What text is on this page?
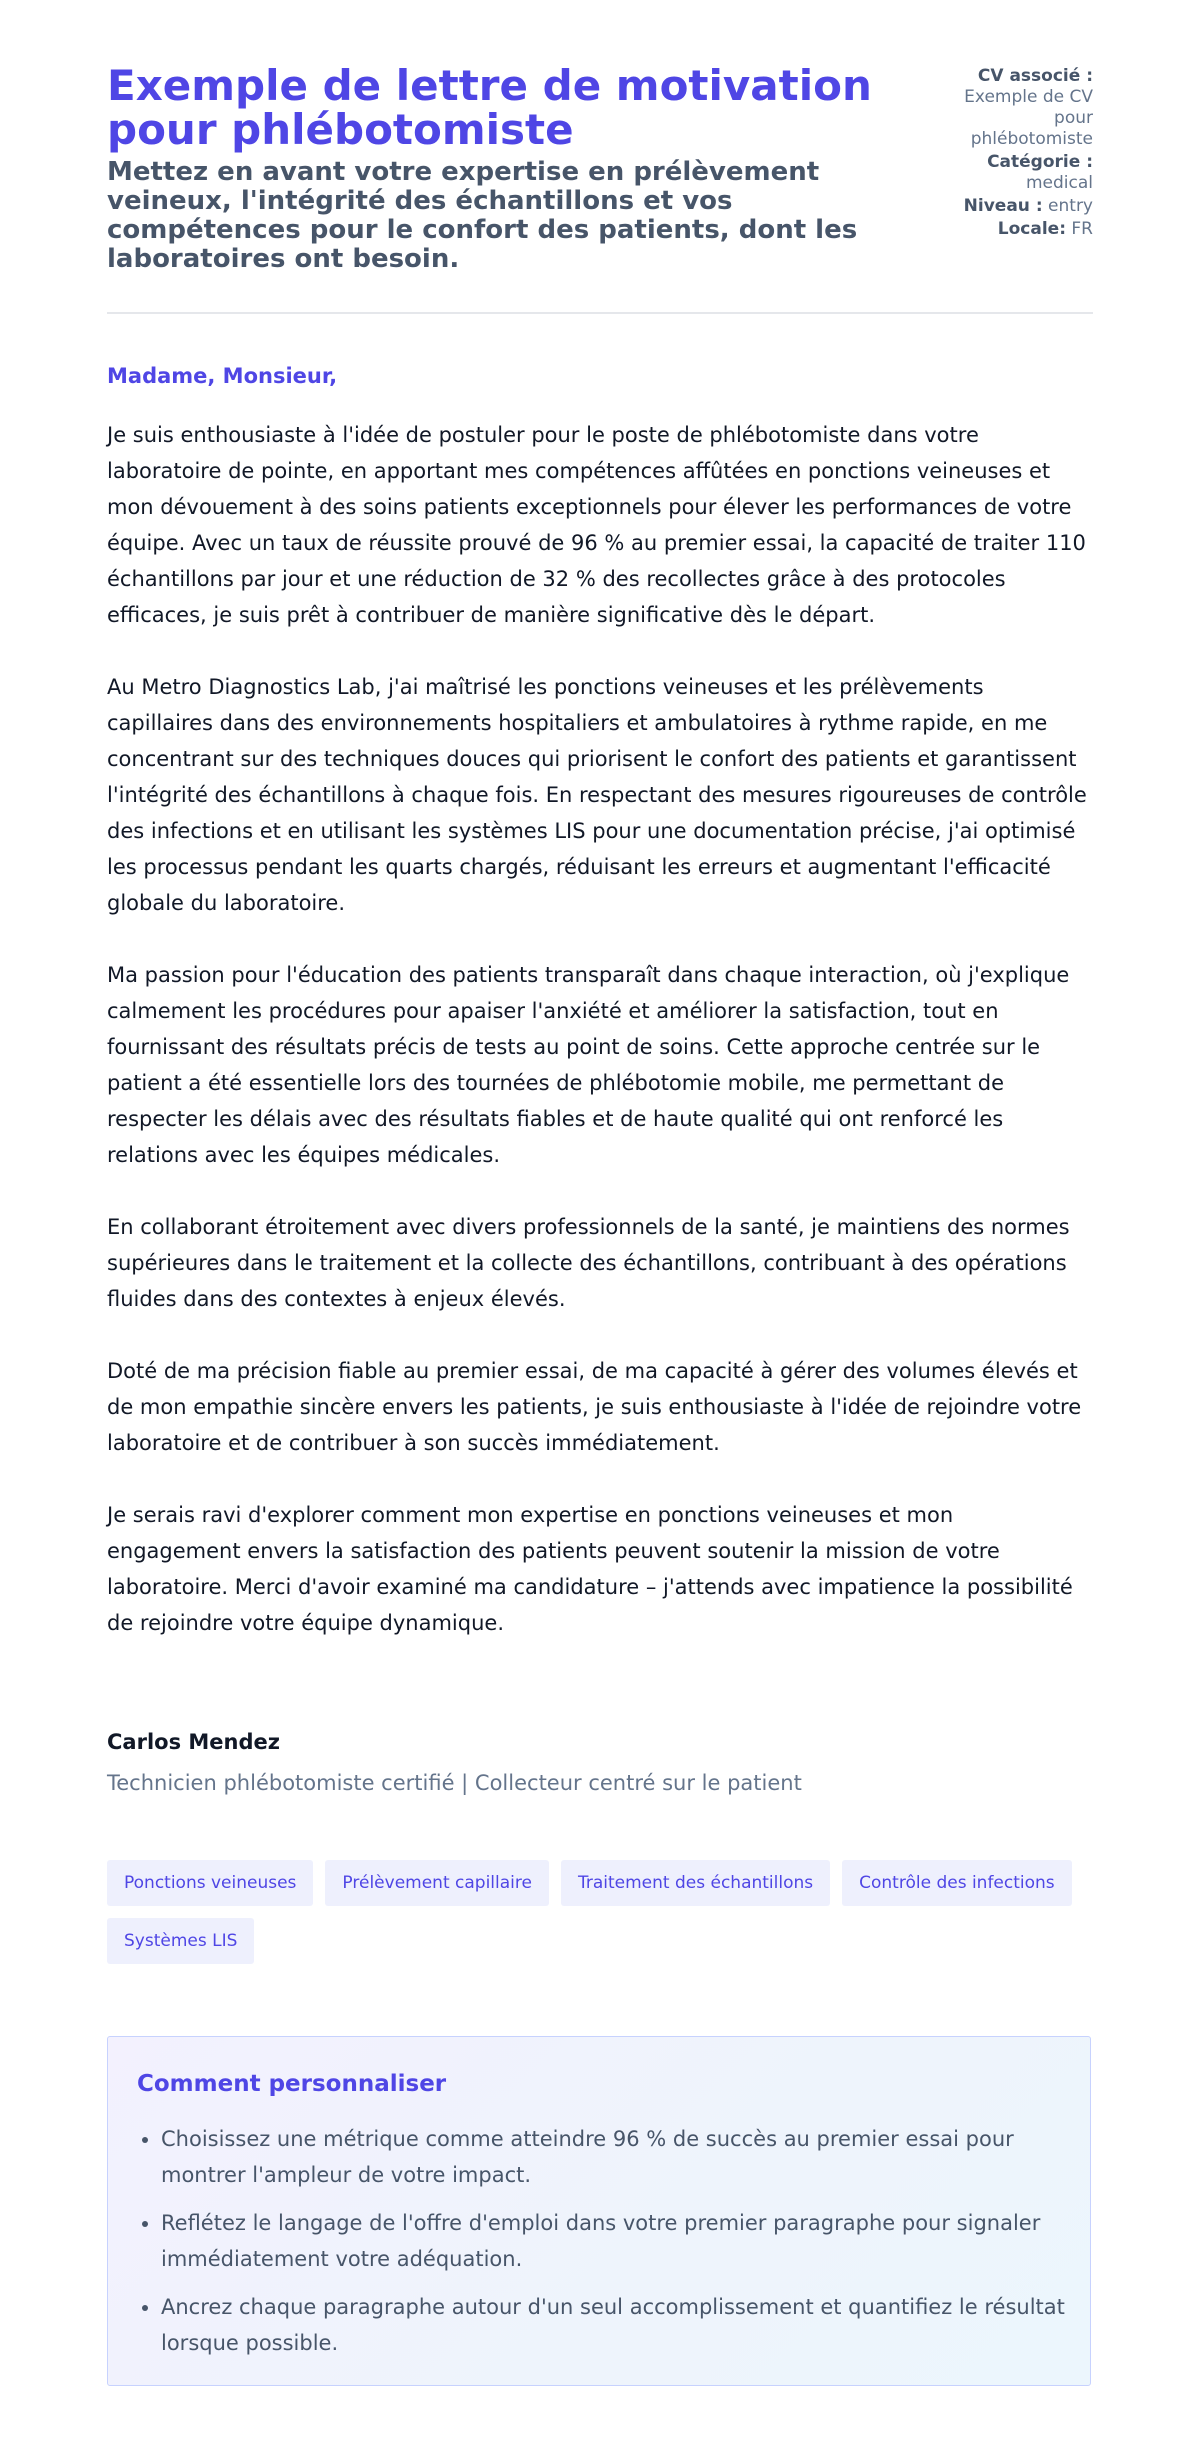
Exemple de lettre de motivation pour phlébotomiste
Mettez en avant votre expertise en prélèvement veineux, l'intégrité des échantillons et vos compétences pour le confort des patients, dont les laboratoires ont besoin.
CV associé : Exemple de CV pour phlébotomiste
Catégorie : medical
Niveau : entry
Locale: FR

Madame, Monsieur,

Je suis enthousiaste à l'idée de postuler pour le poste de phlébotomiste dans votre laboratoire de pointe, en apportant mes compétences affûtées en ponctions veineuses et mon dévouement à des soins patients exceptionnels pour élever les performances de votre équipe. Avec un taux de réussite prouvé de 96 % au premier essai, la capacité de traiter 110 échantillons par jour et une réduction de 32 % des recollectes grâce à des protocoles efficaces, je suis prêt à contribuer de manière significative dès le départ.

Au Metro Diagnostics Lab, j'ai maîtrisé les ponctions veineuses et les prélèvements capillaires dans des environnements hospitaliers et ambulatoires à rythme rapide, en me concentrant sur des techniques douces qui priorisent le confort des patients et garantissent l'intégrité des échantillons à chaque fois. En respectant des mesures rigoureuses de contrôle des infections et en utilisant les systèmes LIS pour une documentation précise, j'ai optimisé les processus pendant les quarts chargés, réduisant les erreurs et augmentant l'efficacité globale du laboratoire.

Ma passion pour l'éducation des patients transparaît dans chaque interaction, où j'explique calmement les procédures pour apaiser l'anxiété et améliorer la satisfaction, tout en fournissant des résultats précis de tests au point de soins. Cette approche centrée sur le patient a été essentielle lors des tournées de phlébotomie mobile, me permettant de respecter les délais avec des résultats fiables et de haute qualité qui ont renforcé les relations avec les équipes médicales.

En collaborant étroitement avec divers professionnels de la santé, je maintiens des normes supérieures dans le traitement et la collecte des échantillons, contribuant à des opérations fluides dans des contextes à enjeux élevés.

Doté de ma précision fiable au premier essai, de ma capacité à gérer des volumes élevés et de mon empathie sincère envers les patients, je suis enthousiaste à l'idée de rejoindre votre laboratoire et de contribuer à son succès immédiatement.

Je serais ravi d'explorer comment mon expertise en ponctions veineuses et mon engagement envers la satisfaction des patients peuvent soutenir la mission de votre laboratoire. Merci d'avoir examiné ma candidature – j'attends avec impatience la possibilité de rejoindre votre équipe dynamique.

Carlos Mendez

Technicien phlébotomiste certifié | Collecteur centré sur le patient

Ponctions veineuses	Prélèvement capillaire	Traitement des échantillons	Contrôle des infections
Systèmes LIS
Comment personnaliser
• Choisissez une métrique comme atteindre 96 % de succès au premier essai pour montrer l'ampleur de votre impact.
• Reflétez le langage de l'offre d'emploi dans votre premier paragraphe pour signaler immédiatement votre adéquation.
• Ancrez chaque paragraphe autour d'un seul accomplissement et quantifiez le résultat lorsque possible.
